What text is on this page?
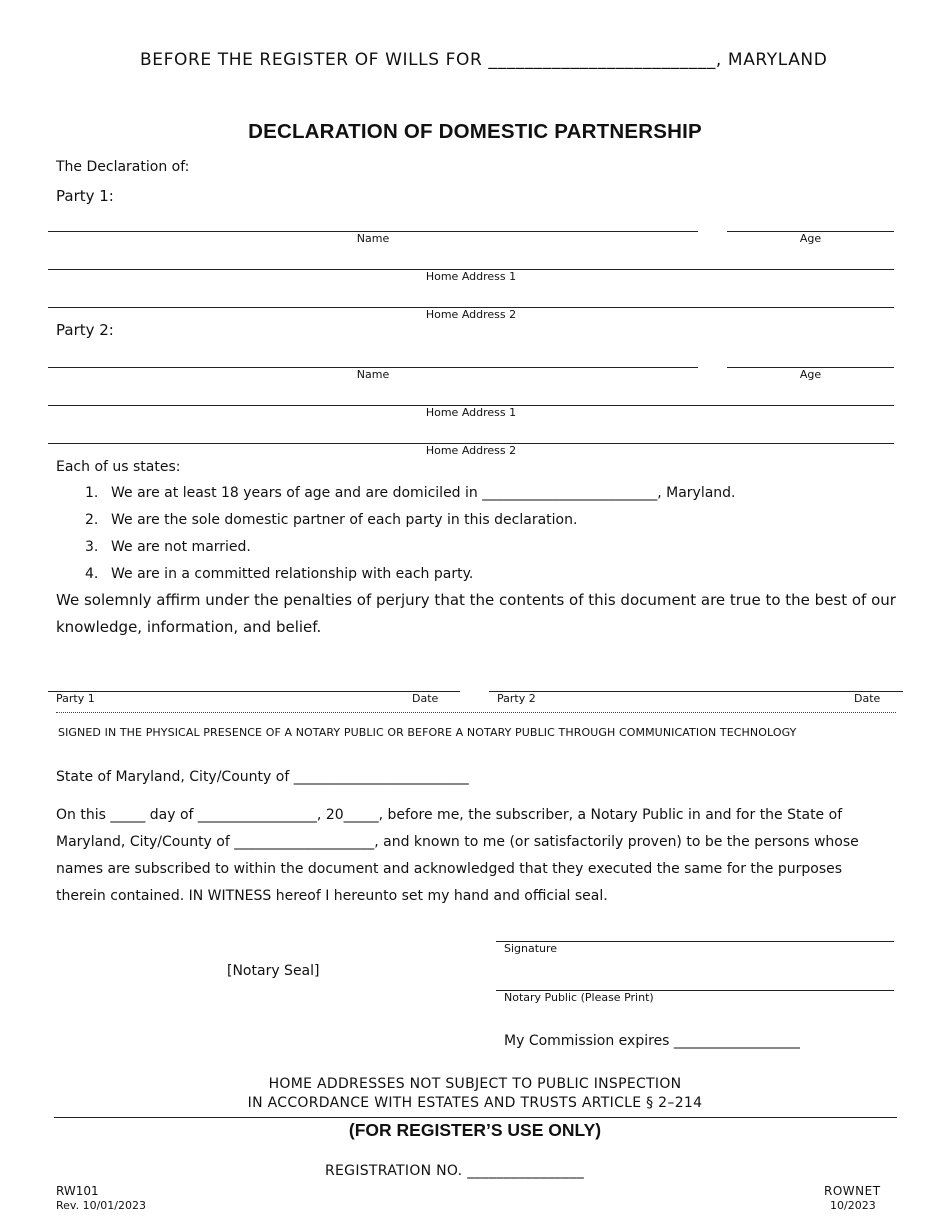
BEFORE THE REGISTER OF WILLS FOR _________________________, MARYLAND
DECLARATION OF DOMESTIC PARTNERSHIP
The Declaration of:
Party 1:
Name	Age
Home Address 1
Home Address 2
Party 2:
Name	Age
Home Address 1
Home Address 2
Each of us states:
1. We are at least 18 years of age and are domiciled in _________________________, Maryland.
2. We are the sole domestic partner of each party in this declaration.
3. We are not married.
4. We are in a committed relationship with each party.
We solemnly affirm under the penalties of perjury that the contents of this document are true to the best of our knowledge, information, and belief.
Party 1	Date	Party 2	Date
SIGNED IN THE PHYSICAL PRESENCE OF A NOTARY PUBLIC OR BEFORE A NOTARY PUBLIC THROUGH COMMUNICATION TECHNOLOGY
State of Maryland, City/County of _________________________
On this _____ day of _________________, 20_____, before me, the subscriber, a Notary Public in and for the State of Maryland, City/County of ____________________, and known to me (or satisfactorily proven) to be the persons whose names are subscribed to within the document and acknowledged that they executed the same for the purposes therein contained. IN WITNESS hereof I hereunto set my hand and official seal.
Signature
[Notary Seal]
Notary Public (Please Print)
My Commission expires __________________
HOME ADDRESSES NOT SUBJECT TO PUBLIC INSPECTION
IN ACCORDANCE WITH ESTATES AND TRUSTS ARTICLE § 2–214
(FOR REGISTER’S USE ONLY)
REGISTRATION NO. ________________
RW101
Rev. 10/01/2023
ROWNET
10/2023
